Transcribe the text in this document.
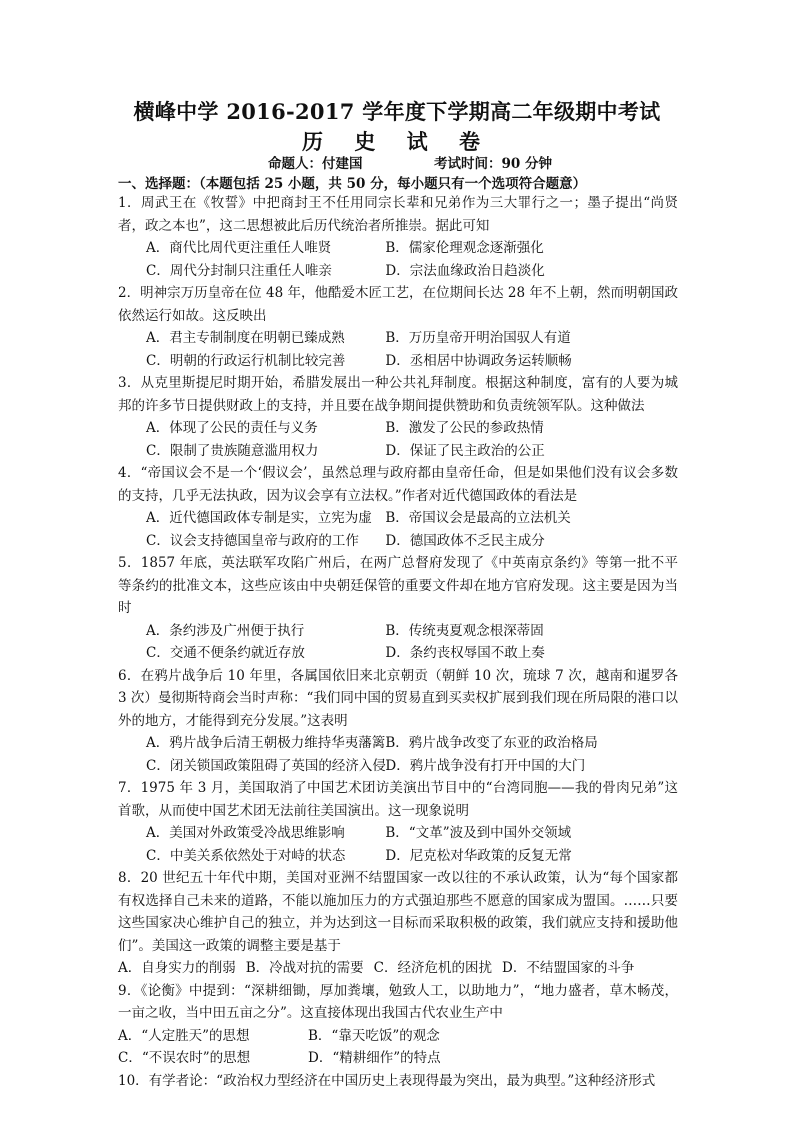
横峰中学 2016-2017 学年度下学期高二年级期中考试
历 史 试 卷
命题人：付建国	考试时间：90 分钟
一、选择题：（本题包括 25 小题，共 50 分，每小题只有一个选项符合题意）

1．周武王在《牧誓》中把商封王不任用同宗长辈和兄弟作为三大罪行之一；墨子提出“尚贤者，政之本也”，这二思想被此后历代统治者所推崇。据此可知

A．商代比周代更注重任人唯贤	B．儒家伦理观念逐渐强化
C．周代分封制只注重任人唯亲	D．宗法血缘政治日趋淡化

2．明神宗万历皇帝在位 48 年，他酷爱木匠工艺，在位期间长达 28 年不上朝，然而明朝国政依然运行如故。这反映出

A．君主专制制度在明朝已臻成熟	B．万历皇帝开明治国驭人有道
C．明朝的行政运行机制比较完善	D．丞相居中协调政务运转顺畅

3．从克里斯提尼时期开始，希腊发展出一种公共礼拜制度。根据这种制度，富有的人要为城邦的许多节日提供财政上的支持，并且要在战争期间提供赞助和负责统领军队。这种做法

A．体现了公民的责任与义务	B．激发了公民的参政热情
C．限制了贵族随意滥用权力	D．保证了民主政治的公正

4．“帝国议会不是一个‘假议会’，虽然总理与政府都由皇帝任命，但是如果他们没有议会多数的支持，几乎无法执政，因为议会享有立法权。”作者对近代德国政体的看法是

A．近代德国政体专制是实，立宪为虚	B．帝国议会是最高的立法机关
C．议会支持德国皇帝与政府的工作	D．德国政体不乏民主成分

5．1857 年底，英法联军攻陷广州后，在两广总督府发现了《中英南京条约》等第一批不平等条约的批准文本，这些应该由中央朝廷保管的重要文件却在地方官府发现。这主要是因为当时

A．条约涉及广州便于执行	B．传统夷夏观念根深蒂固
C．交通不便条约就近存放	D．条约丧权辱国不敢上奏

6．在鸦片战争后 10 年里，各属国依旧来北京朝贡（朝鲜 10 次，琉球 7 次，越南和暹罗各 3 次）曼彻斯特商会当时声称：“我们同中国的贸易直到买卖权扩展到我们现在所局限的港口以外的地方，才能得到充分发展。”这表明

A．鸦片战争后清王朝极力维持华夷藩篱 B．鸦片战争改变了东亚的政治格局
C．闭关锁国政策阻碍了英国的经济入侵 D．鸦片战争没有打开中国的大门

7．1975 年 3 月，美国取消了中国艺术团访美演出节目中的“台湾同胞——我的骨肉兄弟”这首歌，从而使中国艺术团无法前往美国演出。这一现象说明

A．美国对外政策受冷战思维影响	B．“文革”波及到中国外交领域
C．中美关系依然处于对峙的状态	D．尼克松对华政策的反复无常

8．20 世纪五十年代中期，美国对亚洲不结盟国家一改以往的不承认政策，认为“每个国家都有权选择自己未来的道路，不能以施加压力的方式强迫那些不愿意的国家成为盟国。……只要这些国家决心维护自己的独立，并为达到这一目标而采取积极的政策，我们就应支持和援助他们”。美国这一政策的调整主要是基于

A．自身实力的削弱 B．冷战对抗的需要 C．经济危机的困扰 D．不结盟国家的斗争

9．《论衡》中提到：“深耕细锄，厚加粪壤，勉致人工，以助地力”，“地力盛者，草木畅茂，一亩之收，当中田五亩之分”。这直接体现出我国古代农业生产中

A．“人定胜天”的思想	B．“靠天吃饭”的观念
C．“不误农时”的思想	D．“精耕细作”的特点

10．有学者论：“政治权力型经济在中国历史上表现得最为突出，最为典型。”这种经济形式
